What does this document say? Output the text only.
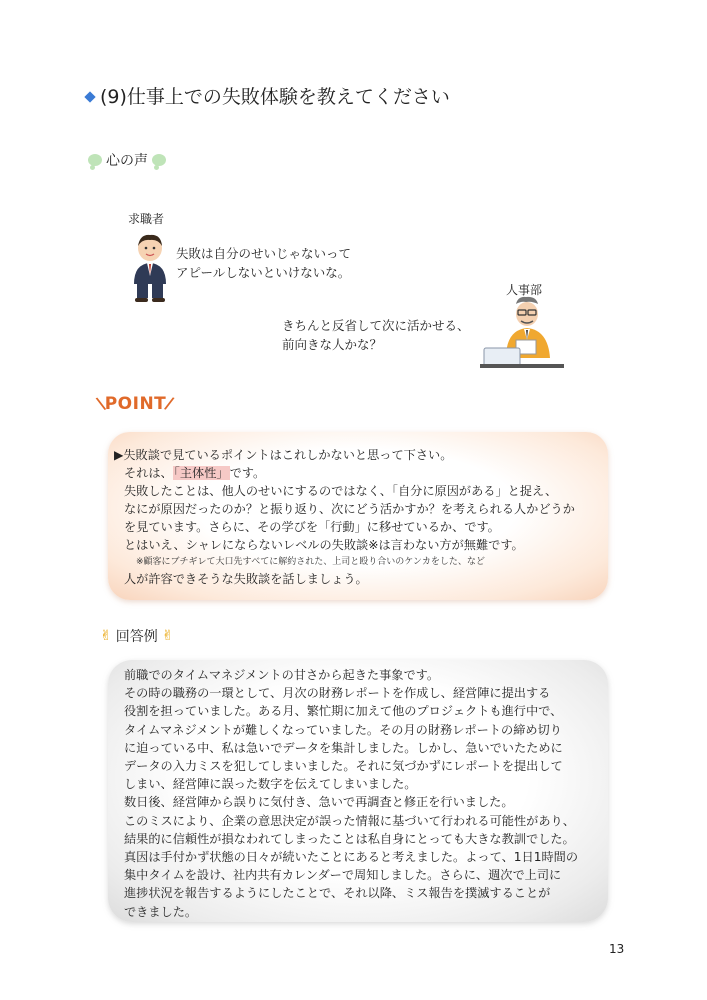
(9)仕事上での失敗体験を教えてください
心の声
求職者
失敗は自分のせいじゃないって
アピールしないといけないな。
人事部
きちんと反省して次に活かせる、
前向きな人かな？
\POINT/
▶失敗談で見ているポイントはこれしかないと思って下さい。
それは、「主体性」です。
失敗したことは、他人のせいにするのではなく、「自分に原因がある」と捉え、
なにが原因だったのか？と振り返り、次にどう活かすか？を考えられる人かどうか
を見ています。さらに、その学びを「行動」に移せているか、です。
とはいえ、シャレにならないレベルの失敗談※は言わない方が無難です。
※顧客にブチギレて大口先すべてに解約された、上司と殴り合いのケンカをした、など
人が許容できそうな失敗談を話しましょう。
✌ 回答例 ✌
前職でのタイムマネジメントの甘さから起きた事象です。
その時の職務の一環として、月次の財務レポートを作成し、経営陣に提出する
役割を担っていました。ある月、繁忙期に加えて他のプロジェクトも進行中で、
タイムマネジメントが難しくなっていました。その月の財務レポートの締め切り
に迫っている中、私は急いでデータを集計しました。しかし、急いでいたために
データの入力ミスを犯してしまいました。それに気づかずにレポートを提出して
しまい、経営陣に誤った数字を伝えてしまいました。
数日後、経営陣から誤りに気付き、急いで再調査と修正を行いました。
このミスにより、企業の意思決定が誤った情報に基づいて行われる可能性があり、
結果的に信頼性が損なわれてしまったことは私自身にとっても大きな教訓でした。
真因は手付かず状態の日々が続いたことにあると考えました。よって、1日1時間の
集中タイムを設け、社内共有カレンダーで周知しました。さらに、週次で上司に
進捗状況を報告するようにしたことで、それ以降、ミス報告を撲滅することが
できました。
13
